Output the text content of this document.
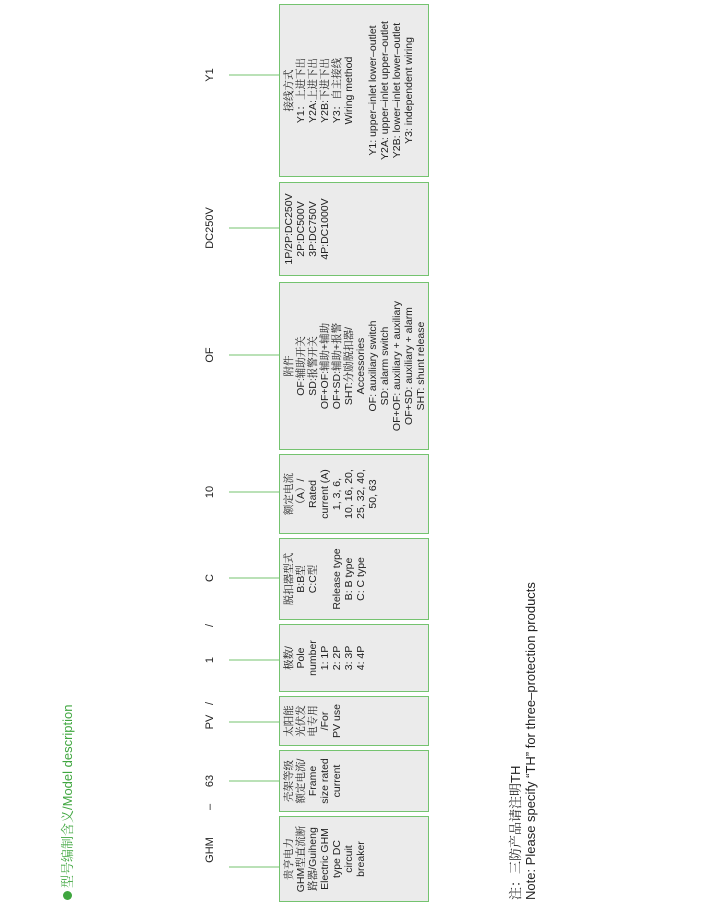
型号编制含义/Model description	GHM
–
63
PV
/
1
/
C
10
OF
DC250V
Y1
贵亨电力
GHM型直流断
路器/Guiheng
Electric GHM
type DC
circuit
breaker
壳架等级
额定电流/
Frame
size rated
current
太阳能
光伏发
电专用
/For
PV use
极数/
Pole number
1: 1P
2: 2P
3: 3P
4: 4P
脱扣器型式
B:B型
C:C型

Release type
B: B type
C: C type
额定电流
（A）/
Rated
current (A)
1, 3, 6,
10, 16, 20,
25, 32, 40,
50, 63
附件
OF:辅助开关
SD:报警开关
OF+OF:辅助+辅助
OF+SD:辅助+报警
SHT:分励脱扣器/
Accessories
OF: auxiliary switch
SD: alarm switch
OF+OF: auxiliary + auxiliary
OF+SD: auxiliary + alarm
SHT: shunt release
1P/2P:DC250V
2P:DC500V
3P:DC750V
4P:DC1000V
接线方式
Y1：上进下出
Y2A:上进下出
Y2B:下进下出
Y3：自主接线
Wiring method

Y1: upper–inlet lower–outlet
Y2A: upper–inlet upper–outlet
Y2B: lower–inlet lower–outlet
Y3: independent wiring
注：三防产品请注明TH Note: Please specify “TH” for three–protection products
